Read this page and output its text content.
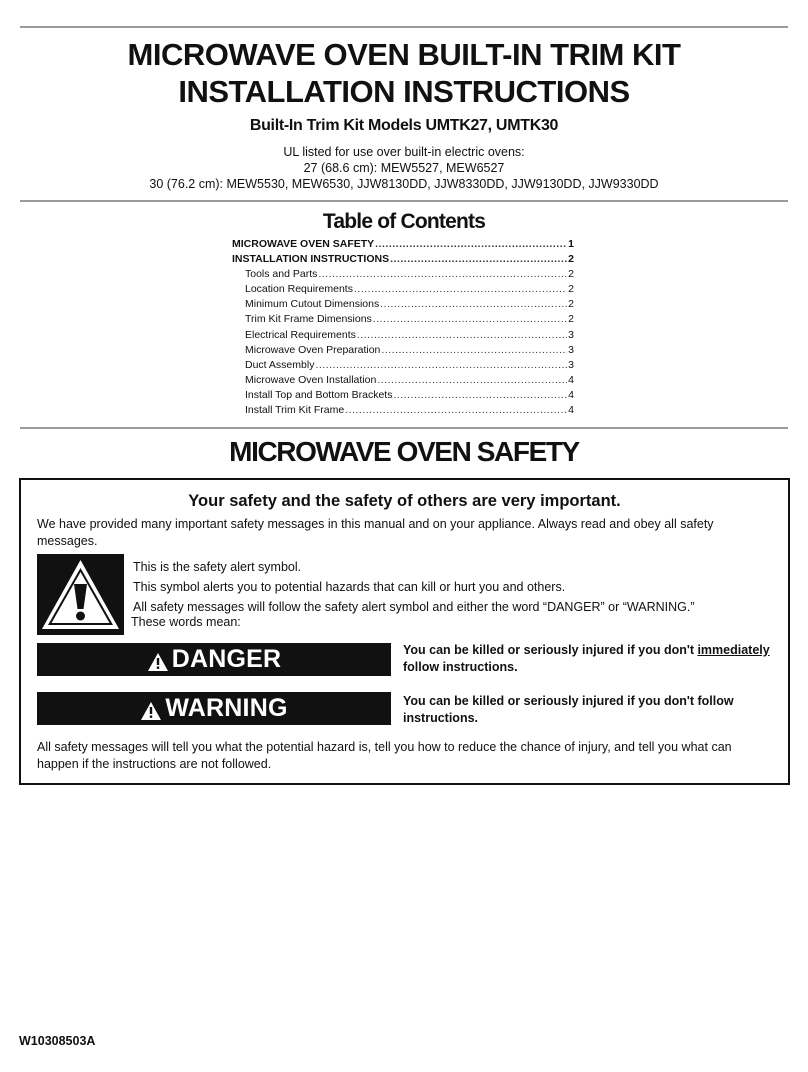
MICROWAVE OVEN BUILT-IN TRIM KIT
INSTALLATION INSTRUCTIONS
Built-In Trim Kit Models UMTK27, UMTK30
UL listed for use over built-in electric ovens:
27 (68.6 cm): MEW5527, MEW6527
30 (76.2 cm): MEW5530, MEW6530, JJW8130DD, JJW8330DD, JJW9130DD, JJW9330DD
Table of Contents
MICROWAVE OVEN SAFETY .....	1
INSTALLATION INSTRUCTIONS .....	2
Tools and Parts .....	2
Location Requirements .....	2
Minimum Cutout Dimensions .....	2
Trim Kit Frame Dimensions .....	2
Electrical Requirements .....	3
Microwave Oven Preparation .....	3
Duct Assembly .....	3
Microwave Oven Installation .....	4
Install Top and Bottom Brackets .....	4
Install Trim Kit Frame .....	4
MICROWAVE OVEN SAFETY
Your safety and the safety of others are very important.
We have provided many important safety messages in this manual and on your appliance. Always read and obey all safety messages.
This is the safety alert symbol.
This symbol alerts you to potential hazards that can kill or hurt you and others.
All safety messages will follow the safety alert symbol and either the word “DANGER” or “WARNING.”
These words mean:
DANGER	You can be killed or seriously injured if you don't immediately
follow instructions.
WARNING	You can be killed or seriously injured if you don't follow instructions.
All safety messages will tell you what the potential hazard is, tell you how to reduce the chance of injury, and tell you what can happen if the instructions are not followed.
W10308503A
